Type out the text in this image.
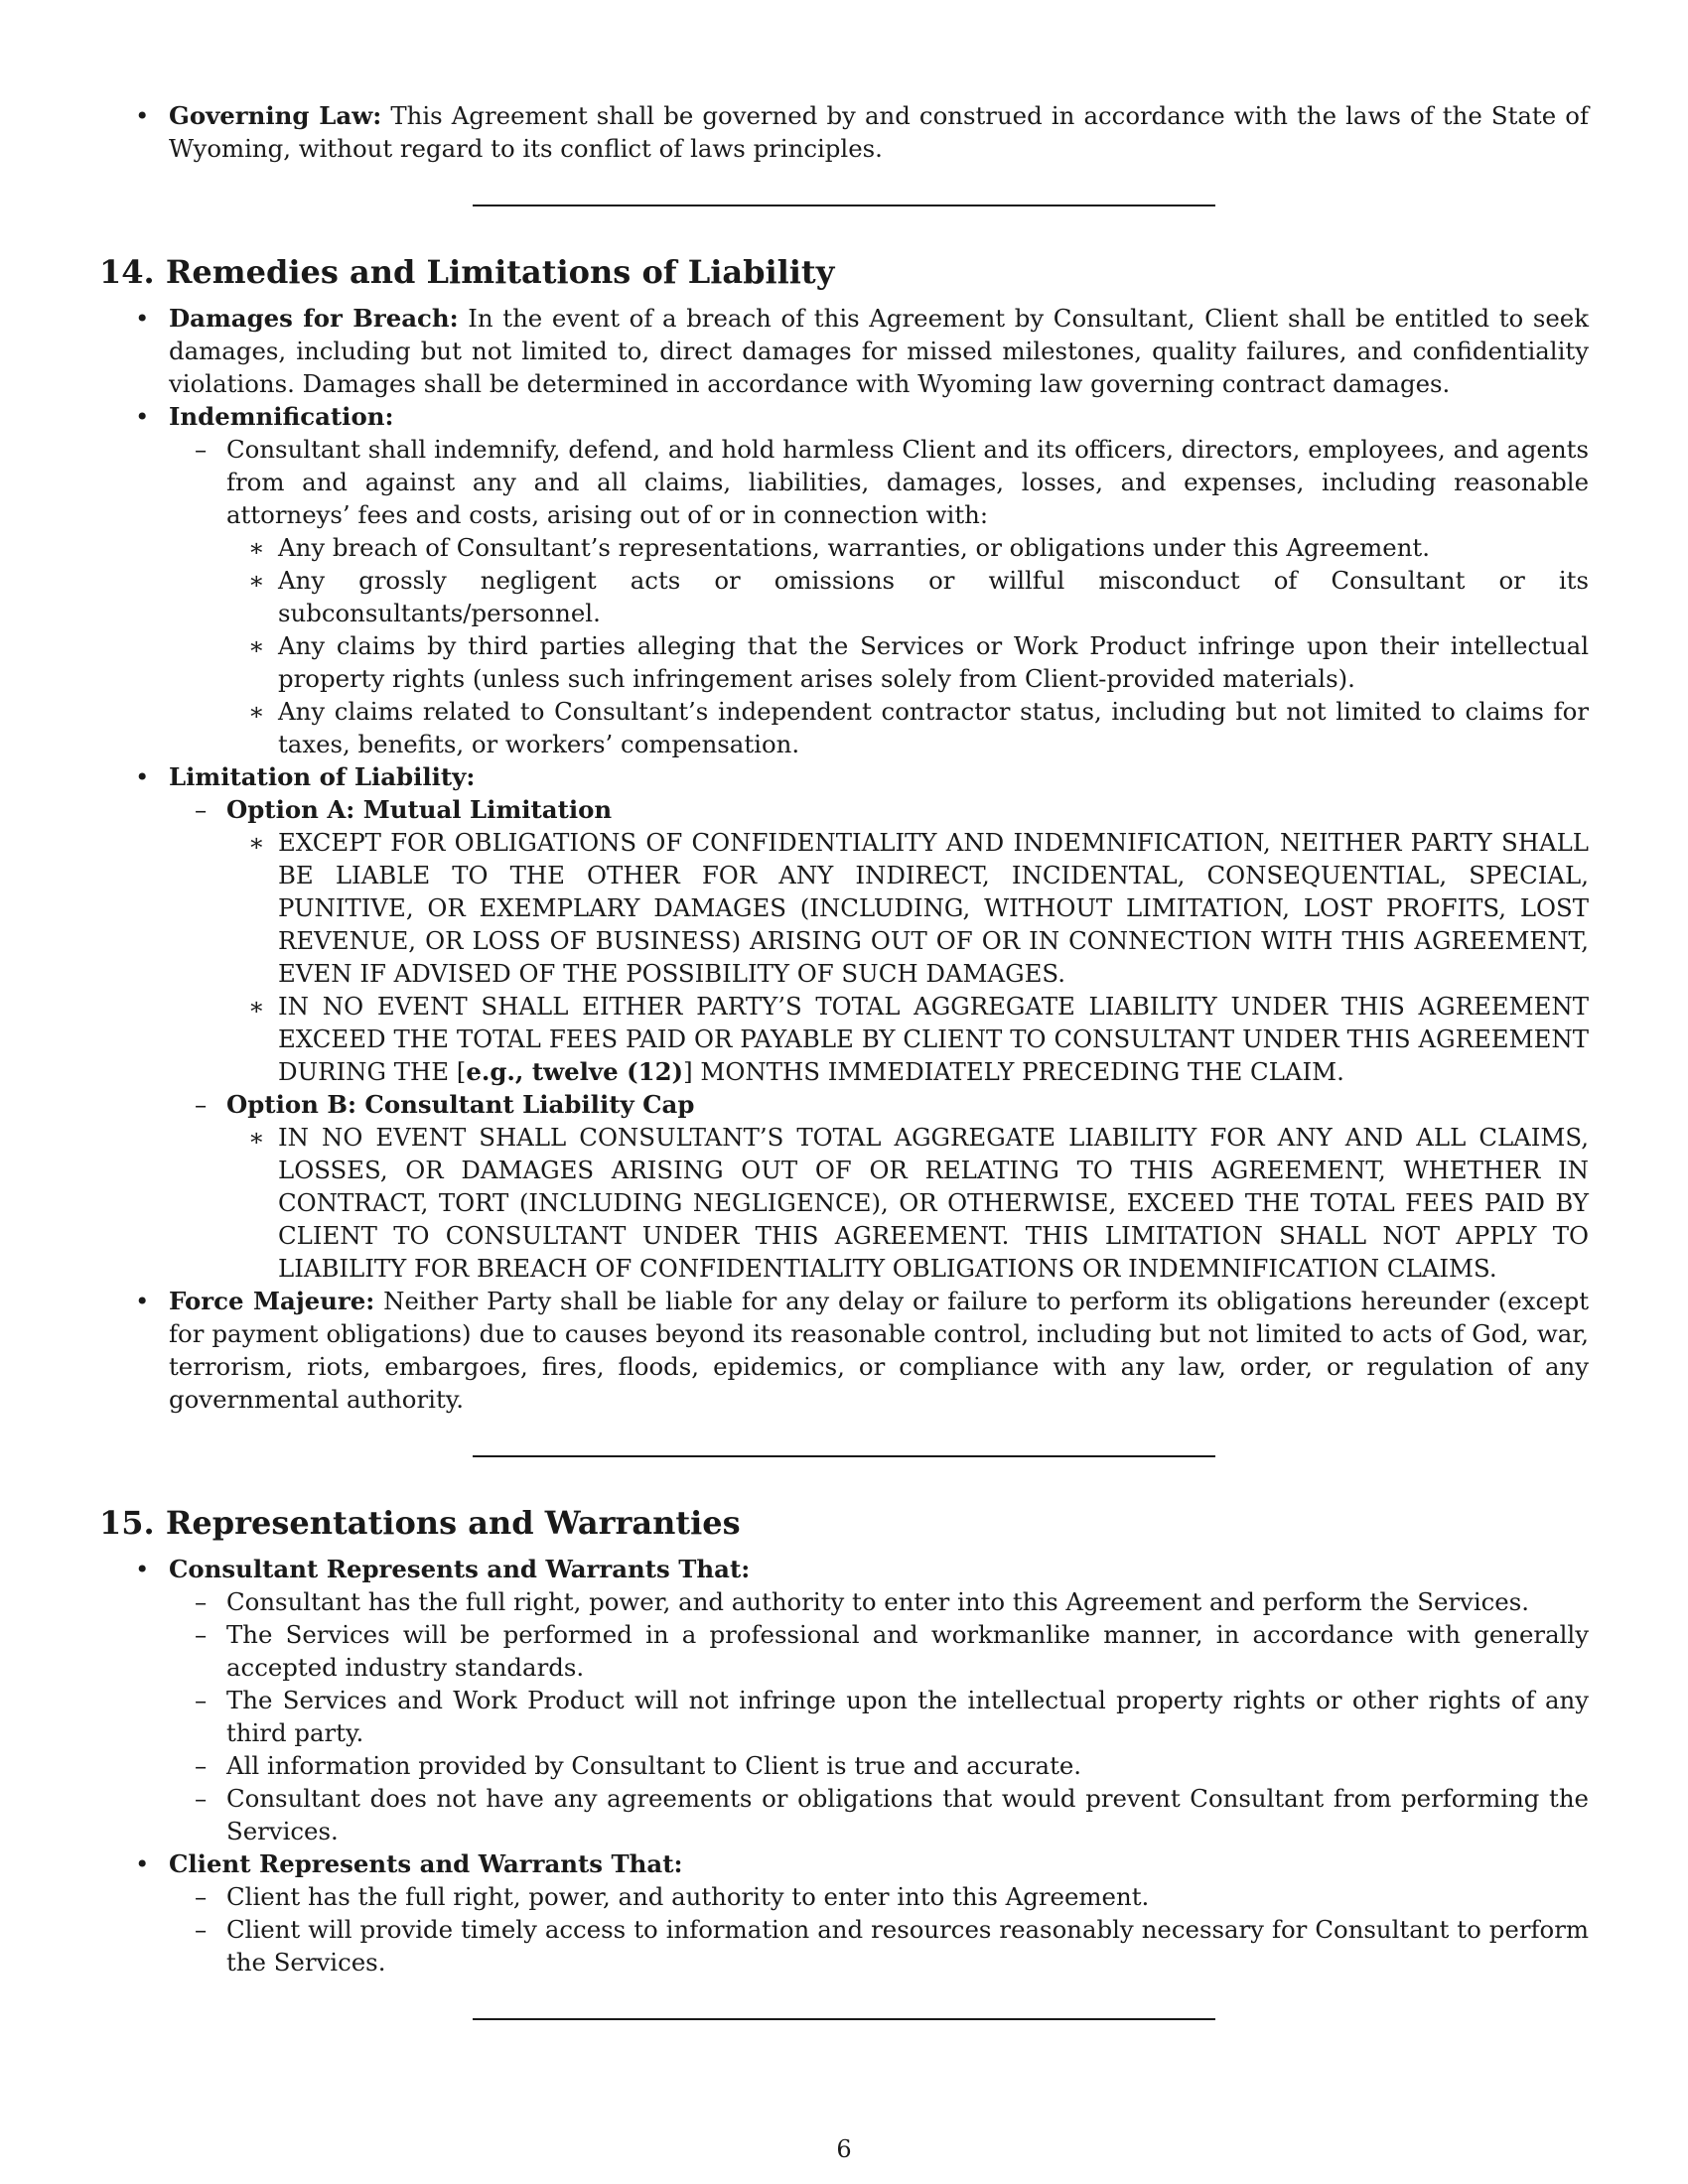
• Governing Law: This Agreement shall be governed by and construed in accordance with the laws of the State of Wyoming, without regard to its conflict of laws principles.

14. Remedies and Limitations of Liability

• Damages for Breach: In the event of a breach of this Agreement by Consultant, Client shall be entitled to seek damages, including but not limited to, direct damages for missed milestones, quality failures, and confidentiality violations. Damages shall be determined in accordance with Wyoming law governing contract damages.

• Indemnification:

– Consultant shall indemnify, defend, and hold harmless Client and its officers, directors, employees, and agents from and against any and all claims, liabilities, damages, losses, and expenses, including reasonable attorneys’ fees and costs, arising out of or in connection with:

∗ Any breach of Consultant’s representations, warranties, or obligations under this Agreement.

∗ Any grossly negligent acts or omissions or willful misconduct of Consultant or its subconsultants/personnel.

∗ Any claims by third parties alleging that the Services or Work Product infringe upon their intellectual property rights (unless such infringement arises solely from Client-provided materials).

∗ Any claims related to Consultant’s independent contractor status, including but not limited to claims for taxes, benefits, or workers’ compensation.

• Limitation of Liability:

– Option A: Mutual Limitation

∗ EXCEPT FOR OBLIGATIONS OF CONFIDENTIALITY AND INDEMNIFICATION, NEITHER PARTY SHALL BE LIABLE TO THE OTHER FOR ANY INDIRECT, INCIDENTAL, CONSEQUENTIAL, SPECIAL, PUNITIVE, OR EXEMPLARY DAMAGES (INCLUDING, WITHOUT LIMITATION, LOST PROFITS, LOST REVENUE, OR LOSS OF BUSINESS) ARISING OUT OF OR IN CONNECTION WITH THIS AGREEMENT, EVEN IF ADVISED OF THE POSSIBILITY OF SUCH DAMAGES.

∗ IN NO EVENT SHALL EITHER PARTY’S TOTAL AGGREGATE LIABILITY UNDER THIS AGREEMENT EXCEED THE TOTAL FEES PAID OR PAYABLE BY CLIENT TO CONSULTANT UNDER THIS AGREEMENT DURING THE [e.g., twelve (12)] MONTHS IMMEDIATELY PRECEDING THE CLAIM.

– Option B: Consultant Liability Cap

∗ IN NO EVENT SHALL CONSULTANT’S TOTAL AGGREGATE LIABILITY FOR ANY AND ALL CLAIMS, LOSSES, OR DAMAGES ARISING OUT OF OR RELATING TO THIS AGREEMENT, WHETHER IN CONTRACT, TORT (INCLUDING NEGLIGENCE), OR OTHERWISE, EXCEED THE TOTAL FEES PAID BY CLIENT TO CONSULTANT UNDER THIS AGREEMENT. THIS LIMITATION SHALL NOT APPLY TO LIABILITY FOR BREACH OF CONFIDENTIALITY OBLIGATIONS OR INDEMNIFICATION CLAIMS.

• Force Majeure: Neither Party shall be liable for any delay or failure to perform its obligations hereunder (except for payment obligations) due to causes beyond its reasonable control, including but not limited to acts of God, war, terrorism, riots, embargoes, fires, floods, epidemics, or compliance with any law, order, or regulation of any governmental authority.

15. Representations and Warranties

• Consultant Represents and Warrants That:

– Consultant has the full right, power, and authority to enter into this Agreement and perform the Services.

– The Services will be performed in a professional and workmanlike manner, in accordance with generally accepted industry standards.

– The Services and Work Product will not infringe upon the intellectual property rights or other rights of any third party.

– All information provided by Consultant to Client is true and accurate.

– Consultant does not have any agreements or obligations that would prevent Consultant from performing the Services.

• Client Represents and Warrants That:

– Client has the full right, power, and authority to enter into this Agreement.

– Client will provide timely access to information and resources reasonably necessary for Consultant to perform the Services.

6
